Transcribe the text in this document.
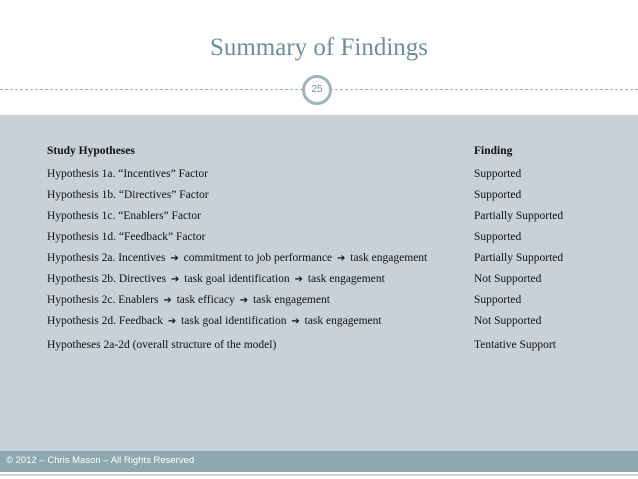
Summary of Findings
25
Study Hypotheses	Finding
Hypothesis 1a. “Incentives” Factor	Supported
Hypothesis 1b. “Directives” Factor	Supported
Hypothesis 1c. “Enablers” Factor	Partially Supported
Hypothesis 1d. “Feedback” Factor	Supported
Hypothesis 2a. Incentives ➔ commitment to job performance ➔ task engagement	Partially Supported
Hypothesis 2b. Directives ➔ task goal identification ➔ task engagement	Not Supported
Hypothesis 2c. Enablers ➔ task efficacy ➔ task engagement	Supported
Hypothesis 2d. Feedback ➔ task goal identification ➔ task engagement	Not Supported
Hypotheses 2a-2d (overall structure of the model)	Tentative Support
© 2012 – Chris Mason – All Rights Reserved
